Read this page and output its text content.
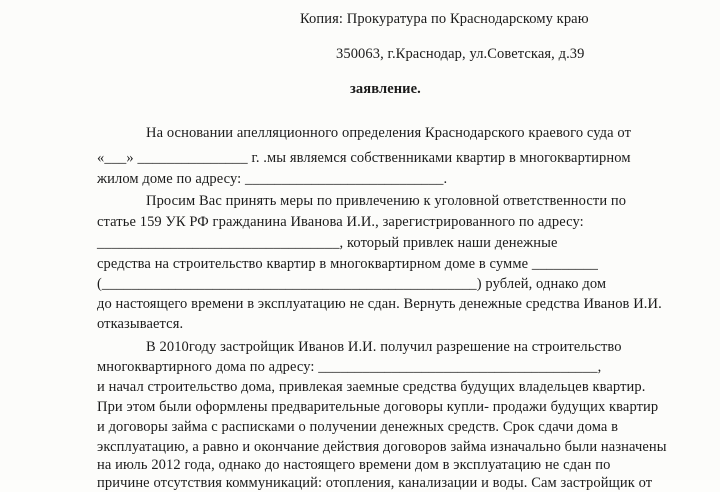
Копия: Прокуратура по Краснодарскому краю
350063, г.Краснодар, ул.Советская, д.39
заявление.
На основании апелляционного определения Краснодарского краевого суда от
«___» _______________ г. .мы являемся собственниками квартир в многоквартирном
жилом доме по адресу: ___________________________.
Просим Вас принять меры по привлечению к уголовной ответственности по
статье 159 УК РФ гражданина Иванова И.И., зарегистрированного по адресу:
_________________________________, который привлек наши денежные
средства на строительство квартир в многоквартирном доме в сумме _________
(___________________________________________________) рублей, однако дом
до настоящего времени в эксплуатацию не сдан. Вернуть денежные средства Иванов И.И.
отказывается.
В 2010году застройщик Иванов И.И. получил разрешение на строительство
многоквартирного дома по адресу: ______________________________________,
и начал строительство дома, привлекая заемные средства будущих владельцев квартир.
При этом были оформлены предварительные договоры купли- продажи будущих квартир
и договоры займа с расписками о получении денежных средств. Срок сдачи дома в
эксплуатацию, а равно и окончание действия договоров займа изначально были назначены
на июль 2012 года, однако до настоящего времени дом в эксплуатацию не сдан по
причине отсутствия коммуникаций: отопления, канализации и воды. Сам застройщик от
